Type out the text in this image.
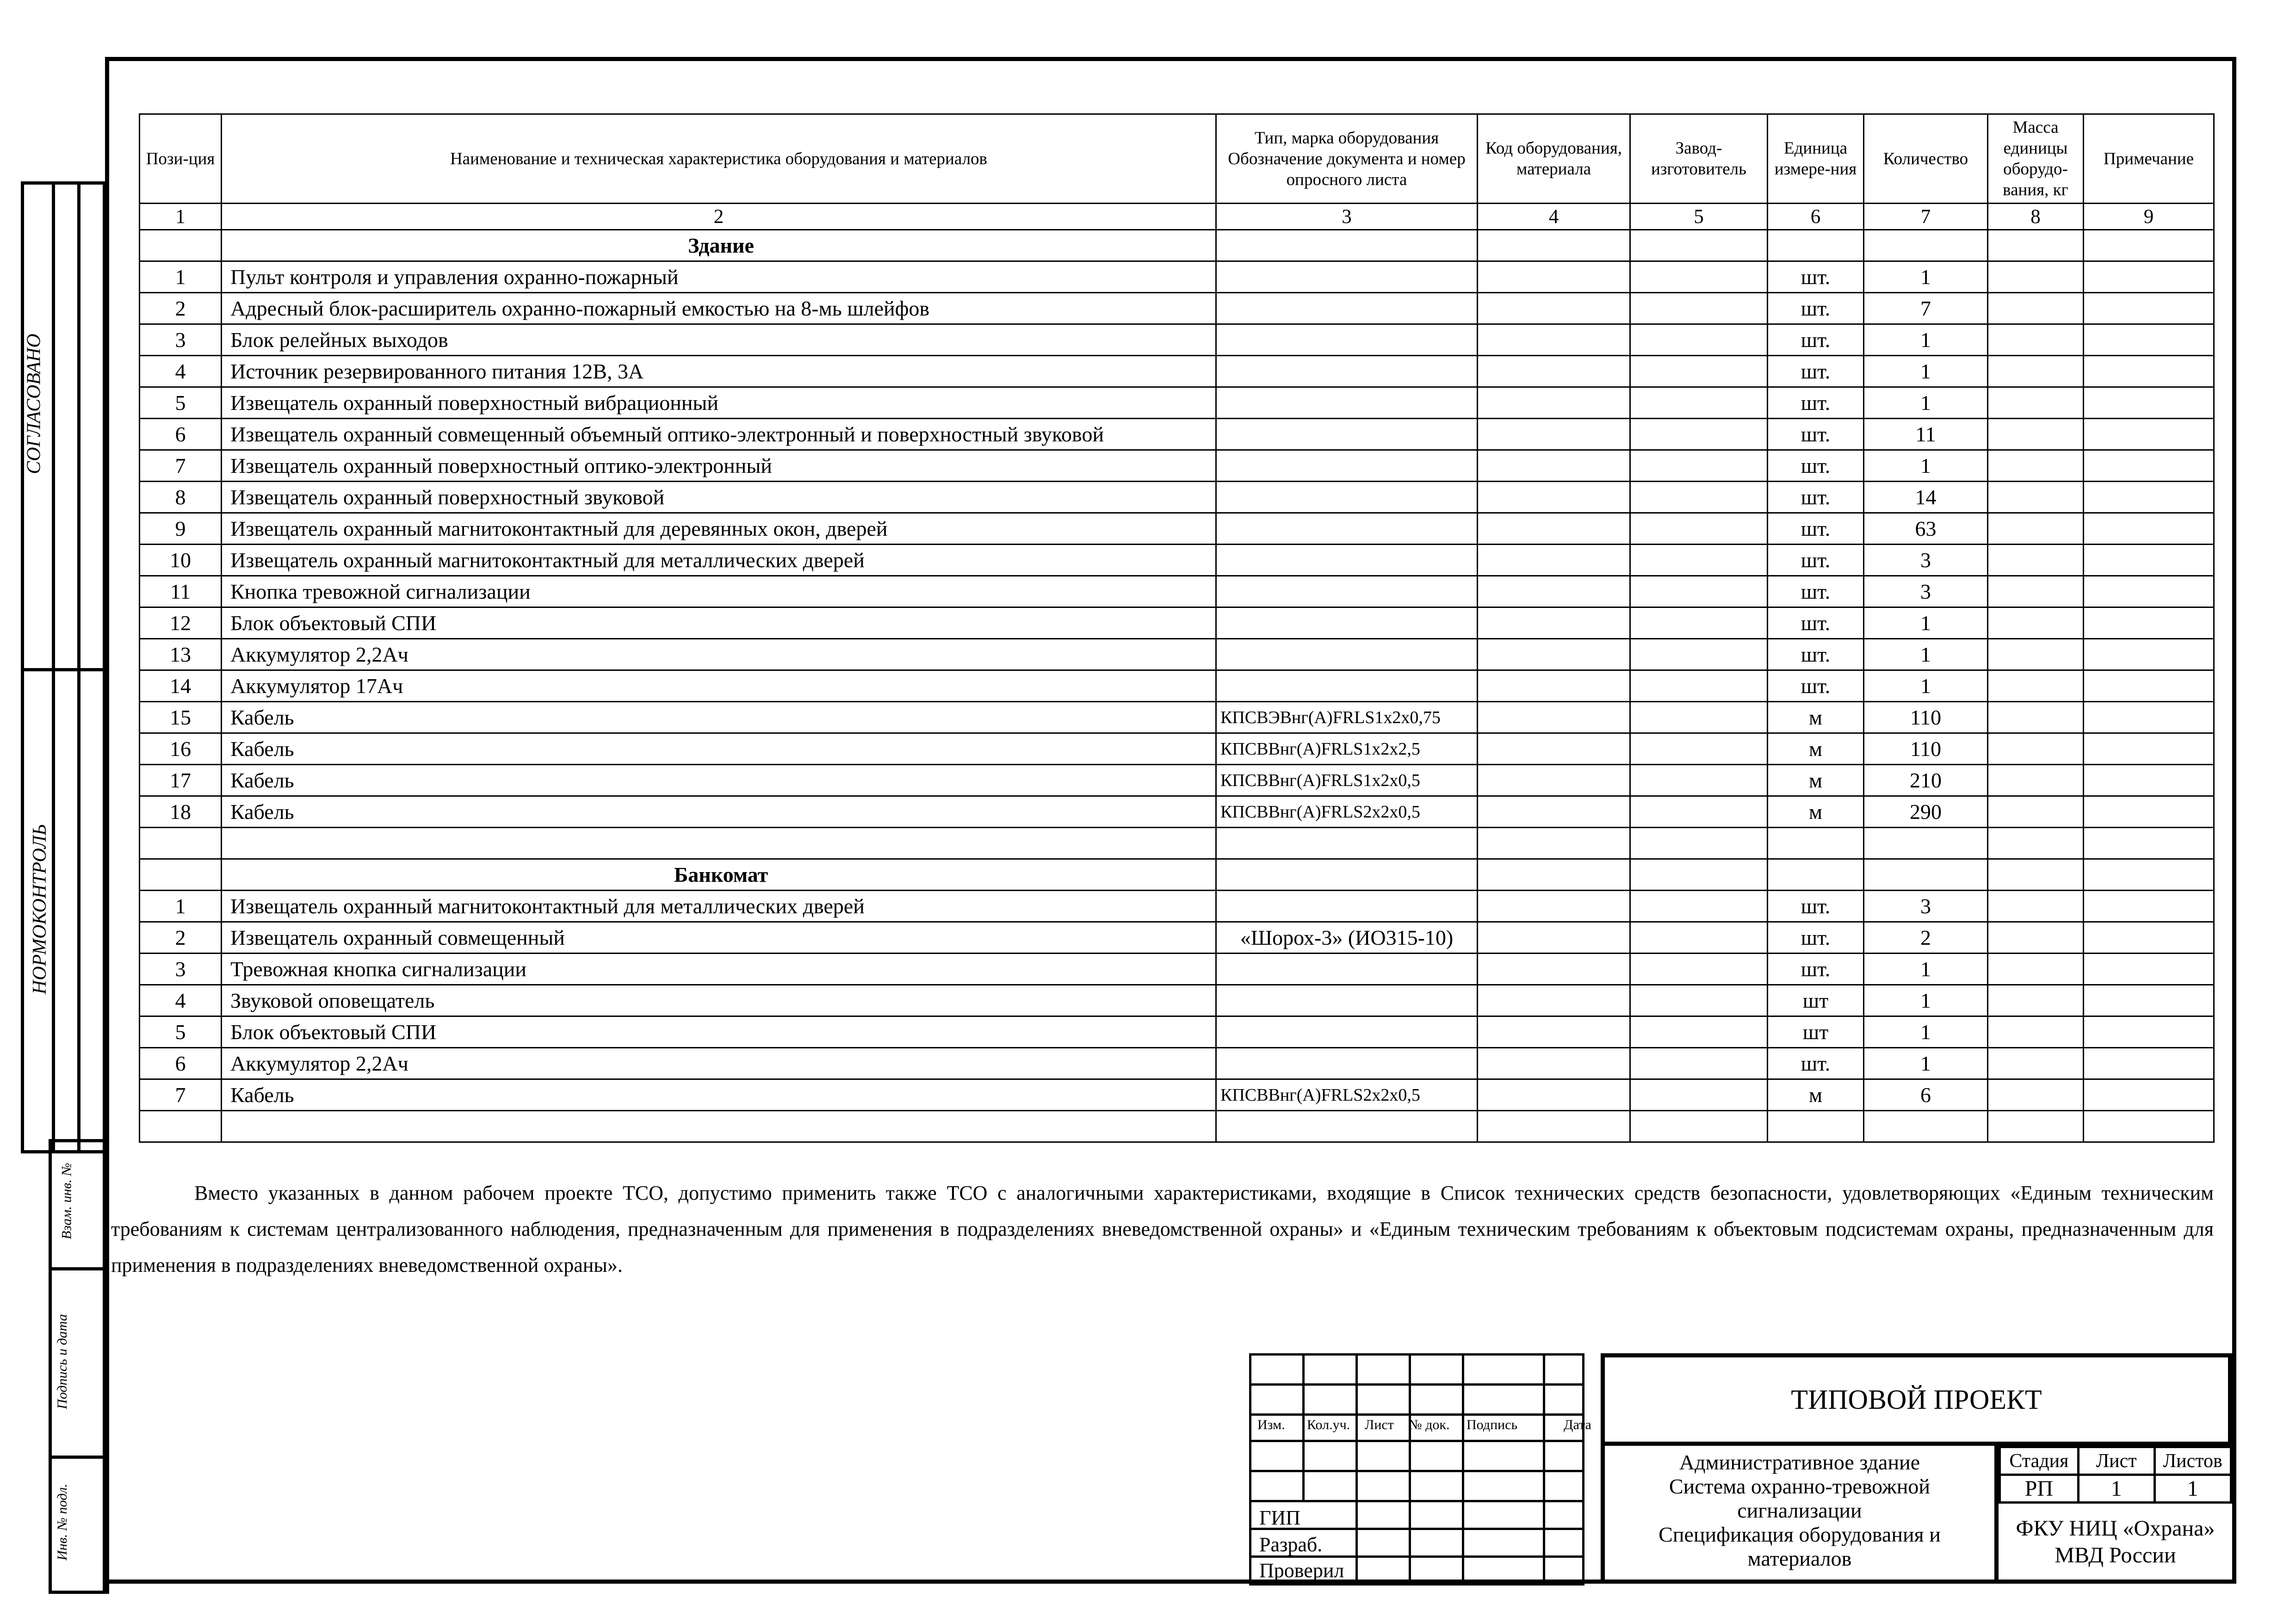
СОГЛАСОВАНО		

НОРМОКОНТРОЛЬ		

Взам. инв. №	

Подпись и дата	

Инв. № подл.	

Пози-ция	Наименование и техническая характеристика оборудования и материалов	Тип, марка оборудования Обозначение документа и номер опросного листа	Код оборудования, материала	Завод-изготовитель	Единица измере-ния	Количество	Масса единицы оборудо-вания, кг	Примечание
1	2	3	4	5	6	7	8	9
	Здание							
1	Пульт контроля и управления охранно-пожарный				шт.	1		
2	Адресный блок-расширитель охранно-пожарный емкостью на 8-мь шлейфов				шт.	7		
3	Блок релейных выходов				шт.	1		
4	Источник резервированного питания 12В, 3А				шт.	1		
5	Извещатель охранный поверхностный вибрационный				шт.	1		
6	Извещатель охранный совмещенный объемный оптико-электронный и поверхностный звуковой				шт.	11		
7	Извещатель охранный поверхностный оптико-электронный				шт.	1		
8	Извещатель охранный поверхностный звуковой				шт.	14		
9	Извещатель охранный магнитоконтактный для деревянных окон, дверей				шт.	63		
10	Извещатель охранный магнитоконтактный для металлических дверей				шт.	3		
11	Кнопка тревожной сигнализации				шт.	3		
12	Блок объектовый СПИ				шт.	1		
13	Аккумулятор 2,2Ач				шт.	1		
14	Аккумулятор 17Ач				шт.	1		
15	Кабель	КПСВЭВнг(А)FRLS1х2х0,75			м	110		
16	Кабель	КПСВВнг(А)FRLS1х2х2,5			м	110		
17	Кабель	КПСВВнг(А)FRLS1х2х0,5			м	210		
18	Кабель	КПСВВнг(А)FRLS2х2х0,5			м	290		

	Банкомат							
1	Извещатель охранный магнитоконтактный для металлических дверей				шт.	3		
2	Извещатель охранный совмещенный	«Шорох-3» (ИО315-10)			шт.	2		
3	Тревожная кнопка сигнализации				шт.	1		
4	Звуковой оповещатель				шт	1		
5	Блок объектовый СПИ				шт	1		
6	Аккумулятор 2,2Ач				шт.	1		
7	Кабель	КПСВВнг(А)FRLS2х2х0,5			м	6		

Вместо указанных в данном рабочем проекте ТСО, допустимо применить также ТСО с аналогичными характеристиками, входящие в Список технических средств безопасности, удовлетворяющих «Единым техническим требованиям к системам централизованного наблюдения, предназначенным для применения в подразделениях вневедомственной охраны» и «Единым техническим требованиям к объектовым подсистемам охраны, предназначенным для применения в подразделениях вневедомственной охраны».

Изм. Кол.уч. Лист № док. Подпись	Дата
ГИП
Разраб.
Проверил
ТИПОВОЙ ПРОЕКТ
Административное здание
Система охранно-тревожной
сигнализации
Спецификация оборудования и
материалов
Стадия	Лист	Листов
РП	1	1
ФКУ НИЦ «Охрана»
МВД России
